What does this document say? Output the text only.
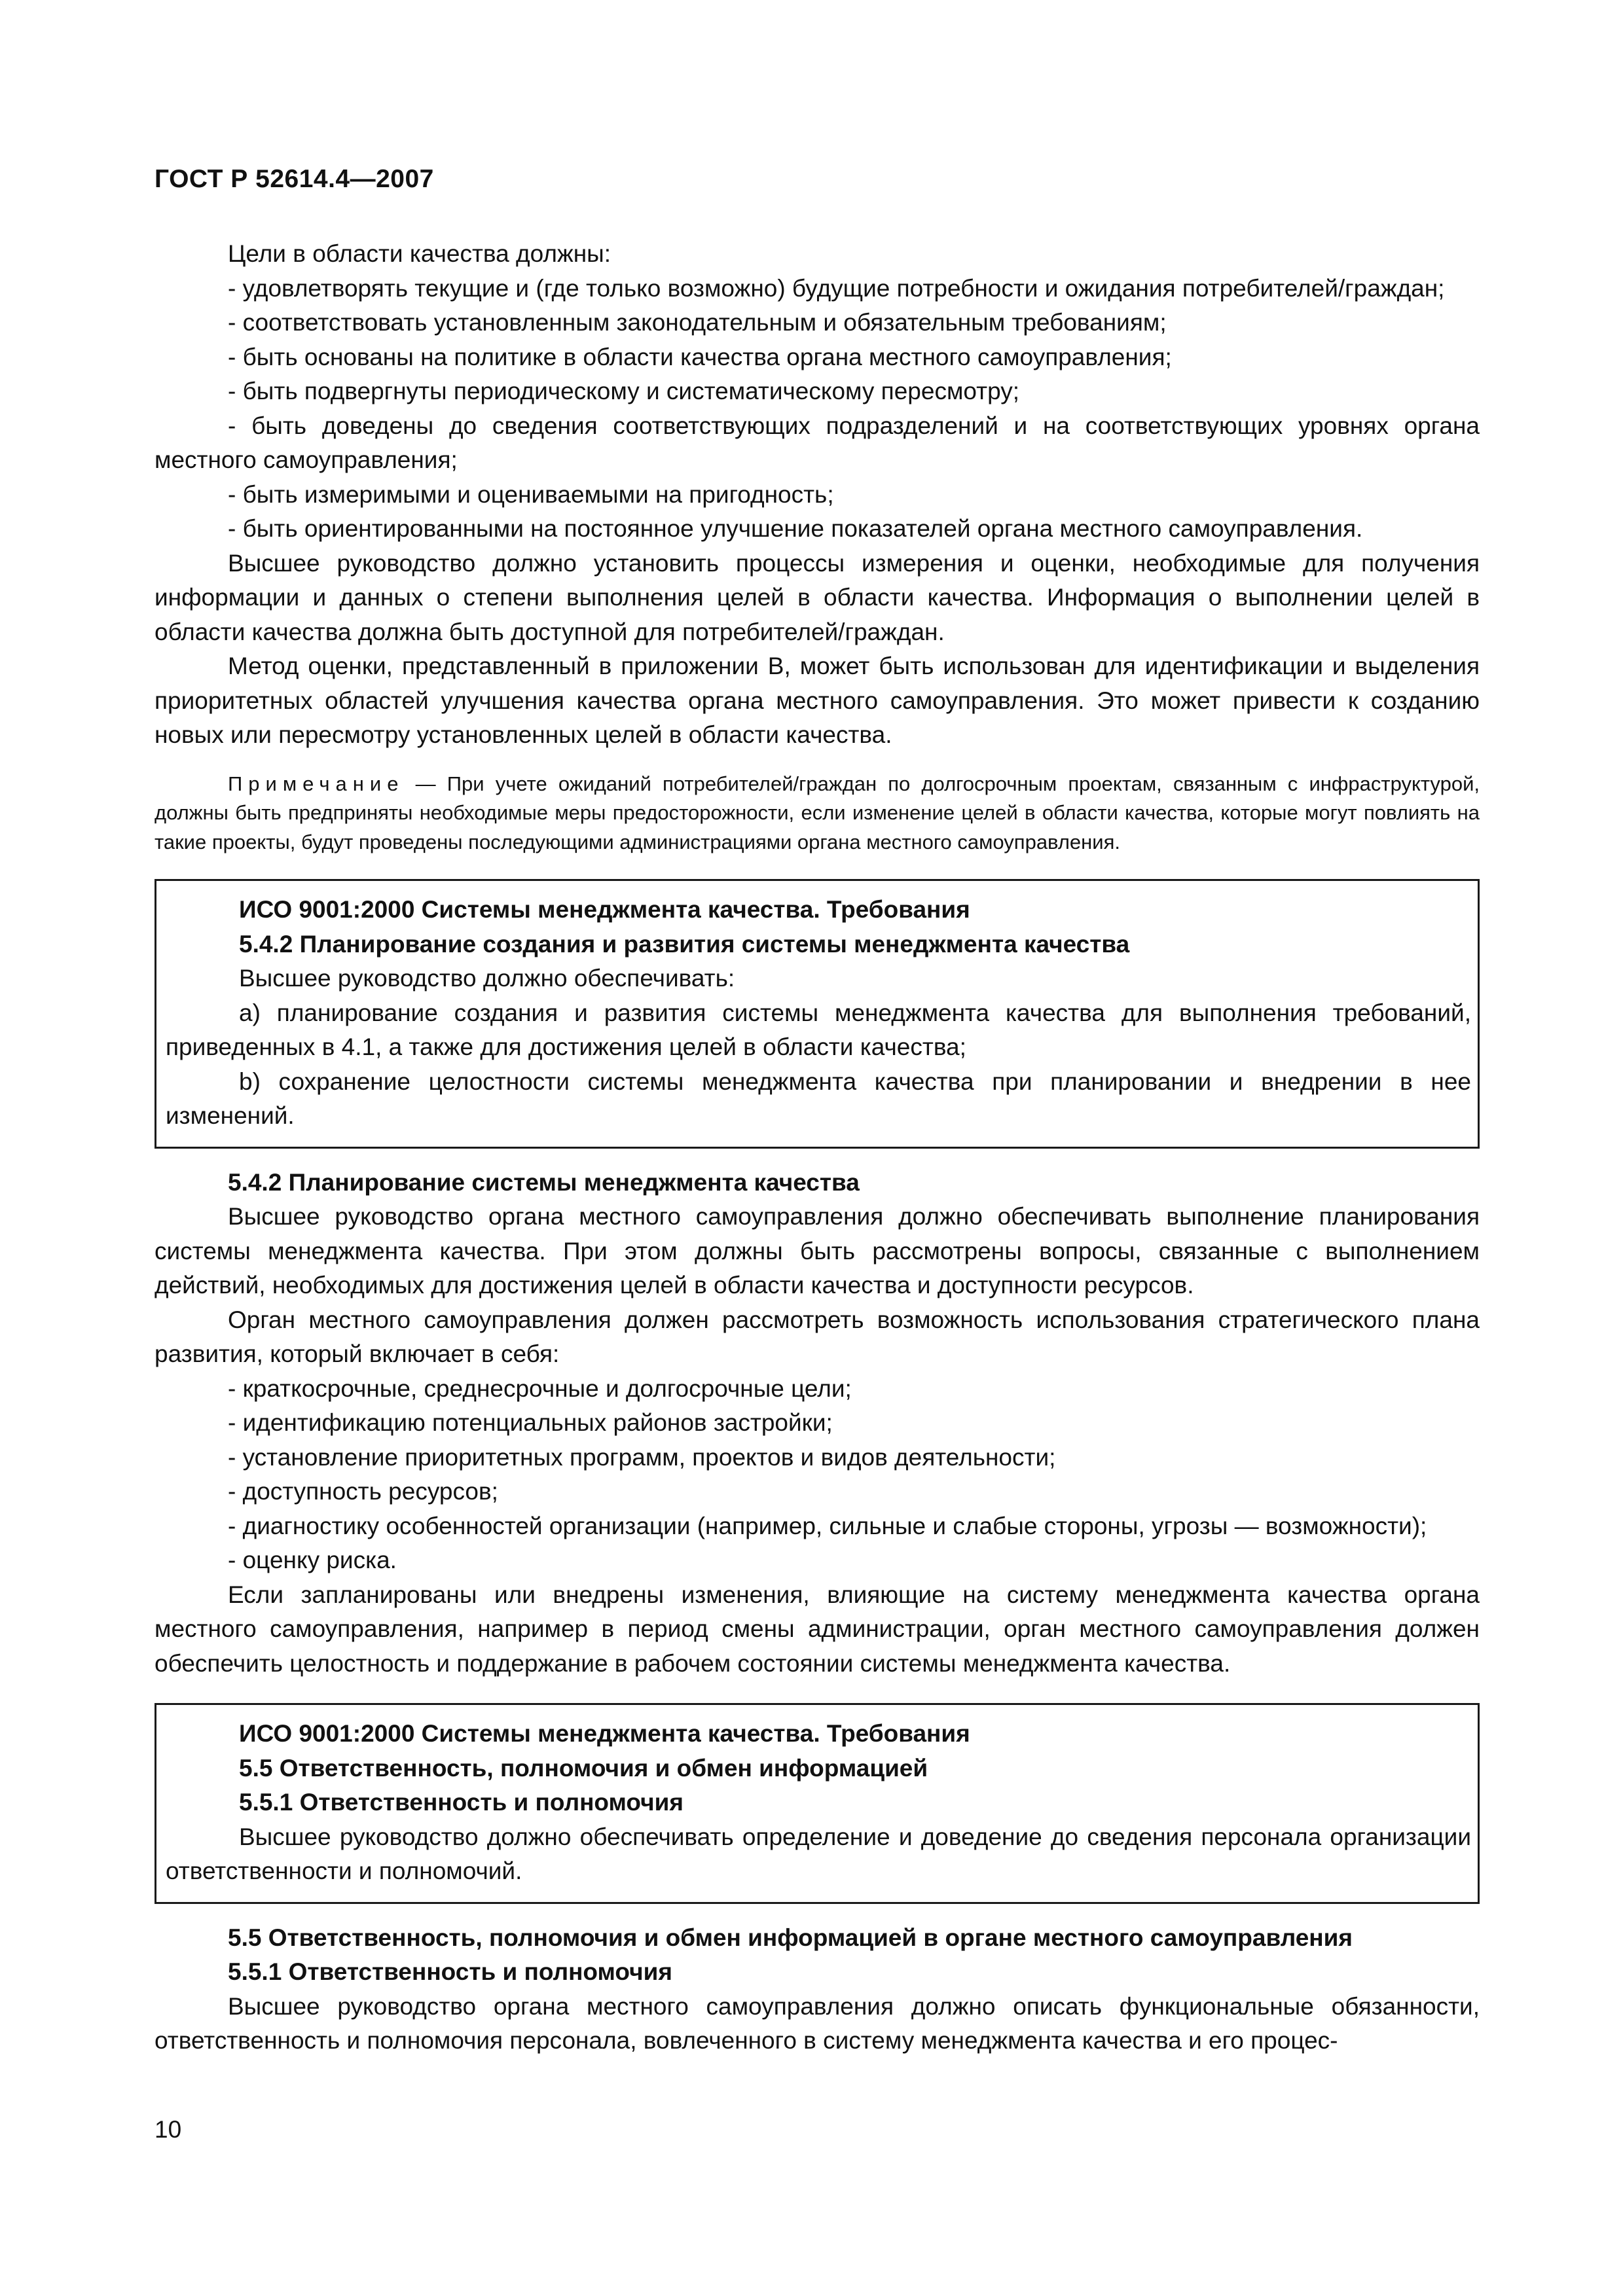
ГОСТ Р 52614.4—2007

Цели в области качества должны:

- удовлетворять текущие и (где только возможно) будущие потребности и ожидания потребителей/граждан;

- соответствовать установленным законодательным и обязательным требованиям;

- быть основаны на политике в области качества органа местного самоуправления;

- быть подвергнуты периодическому и систематическому пересмотру;

- быть доведены до сведения соответствующих подразделений и на соответствующих уровнях органа местного самоуправления;

- быть измеримыми и оцениваемыми на пригодность;

- быть ориентированными на постоянное улучшение показателей органа местного самоуправления.

Высшее руководство должно установить процессы измерения и оценки, необходимые для получения информации и данных о степени выполнения целей в области качества. Информация о выполнении целей в области качества должна быть доступной для потребителей/граждан.

Метод оценки, представленный в приложении В, может быть использован для идентификации и выделения приоритетных областей улучшения качества органа местного самоуправления. Это может привести к созданию новых или пересмотру установленных целей в области качества.

Примечание — При учете ожиданий потребителей/граждан по долгосрочным проектам, связанным с инфраструктурой, должны быть предприняты необходимые меры предосторожности, если изменение целей в области качества, которые могут повлиять на такие проекты, будут проведены последующими администрациями органа местного самоуправления.

ИСО 9001:2000 Системы менеджмента качества. Требования

5.4.2 Планирование создания и развития системы менеджмента качества

Высшее руководство должно обеспечивать:

а) планирование создания и развития системы менеджмента качества для выполнения требований, приведенных в 4.1, а также для достижения целей в области качества;

b) сохранение целостности системы менеджмента качества при планировании и внедрении в нее изменений.

5.4.2 Планирование системы менеджмента качества

Высшее руководство органа местного самоуправления должно обеспечивать выполнение планирования системы менеджмента качества. При этом должны быть рассмотрены вопросы, связанные с выполнением действий, необходимых для достижения целей в области качества и доступности ресурсов.

Орган местного самоуправления должен рассмотреть возможность использования стратегического плана развития, который включает в себя:

- краткосрочные, среднесрочные и долгосрочные цели;

- идентификацию потенциальных районов застройки;

- установление приоритетных программ, проектов и видов деятельности;

- доступность ресурсов;

- диагностику особенностей организации (например, сильные и слабые стороны, угрозы — возможности);

- оценку риска.

Если запланированы или внедрены изменения, влияющие на систему менеджмента качества органа местного самоуправления, например в период смены администрации, орган местного самоуправления должен обеспечить целостность и поддержание в рабочем состоянии системы менеджмента качества.

ИСО 9001:2000 Системы менеджмента качества. Требования

5.5 Ответственность, полномочия и обмен информацией

5.5.1 Ответственность и полномочия

Высшее руководство должно обеспечивать определение и доведение до сведения персонала организации ответственности и полномочий.

5.5 Ответственность, полномочия и обмен информацией в органе местного самоуправления

5.5.1 Ответственность и полномочия

Высшее руководство органа местного самоуправления должно описать функциональные обязанности, ответственность и полномочия персонала, вовлеченного в систему менеджмента качества и его процес-

10
